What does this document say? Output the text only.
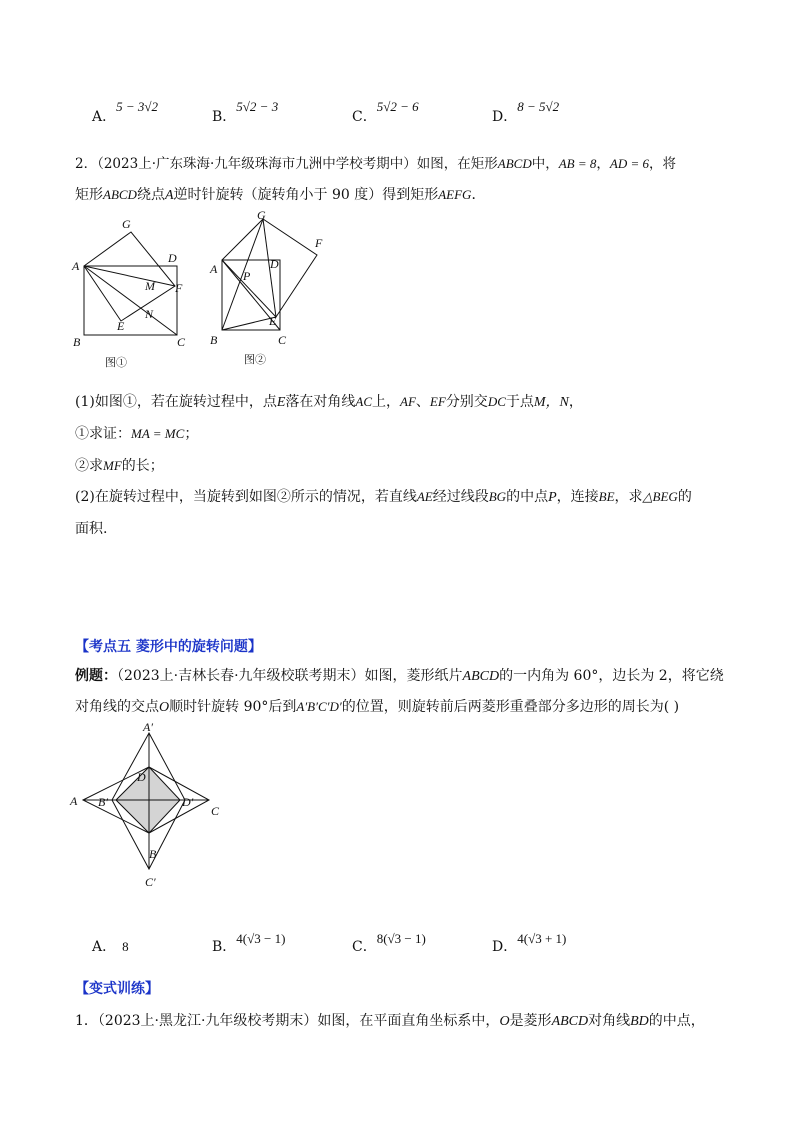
A．5 − 3√2
B．5√2 − 3
C．5√2 − 6
D．8 − 5√2
2．（2023上·广东珠海·九年级珠海市九洲中学校考期中）如图，在矩形ABCD中，AB = 8，AD = 6，将
矩形ABCD绕点A逆时针旋转（旋转角小于 90 度）得到矩形AEFG．
A
B	C
D
E
F
G
M
N
图①
A
B	C
D
E
F
G
P
图②
(1)如图①，若在旋转过程中，点E落在对角线AC上，AF、EF分别交DC于点M，N，
①求证：MA = MC；
②求MF的长；
(2)在旋转过程中，当旋转到如图②所示的情况，若直线AE经过线段BG的中点P，连接BE，求△BEG的
面积.
【考点五 菱形中的旋转问题】
例题：（2023上·吉林长春·九年级校联考期末）如图，菱形纸片ABCD的一内角为 60°，边长为 2，将它绕
对角线的交点O顺时针旋转 90°后到A′B′C′D′的位置，则旋转前后两菱形重叠部分多边形的周长为( )
A
C
D
B
A′
C′
B′	D′
A． 8	B．4(√3 − 1)
C．8(√3 − 1)
D．4(√3 + 1)
【变式训练】
1．（2023上·黑龙江·九年级校考期末）如图，在平面直角坐标系中，O是菱形ABCD对角线BD的中点，
